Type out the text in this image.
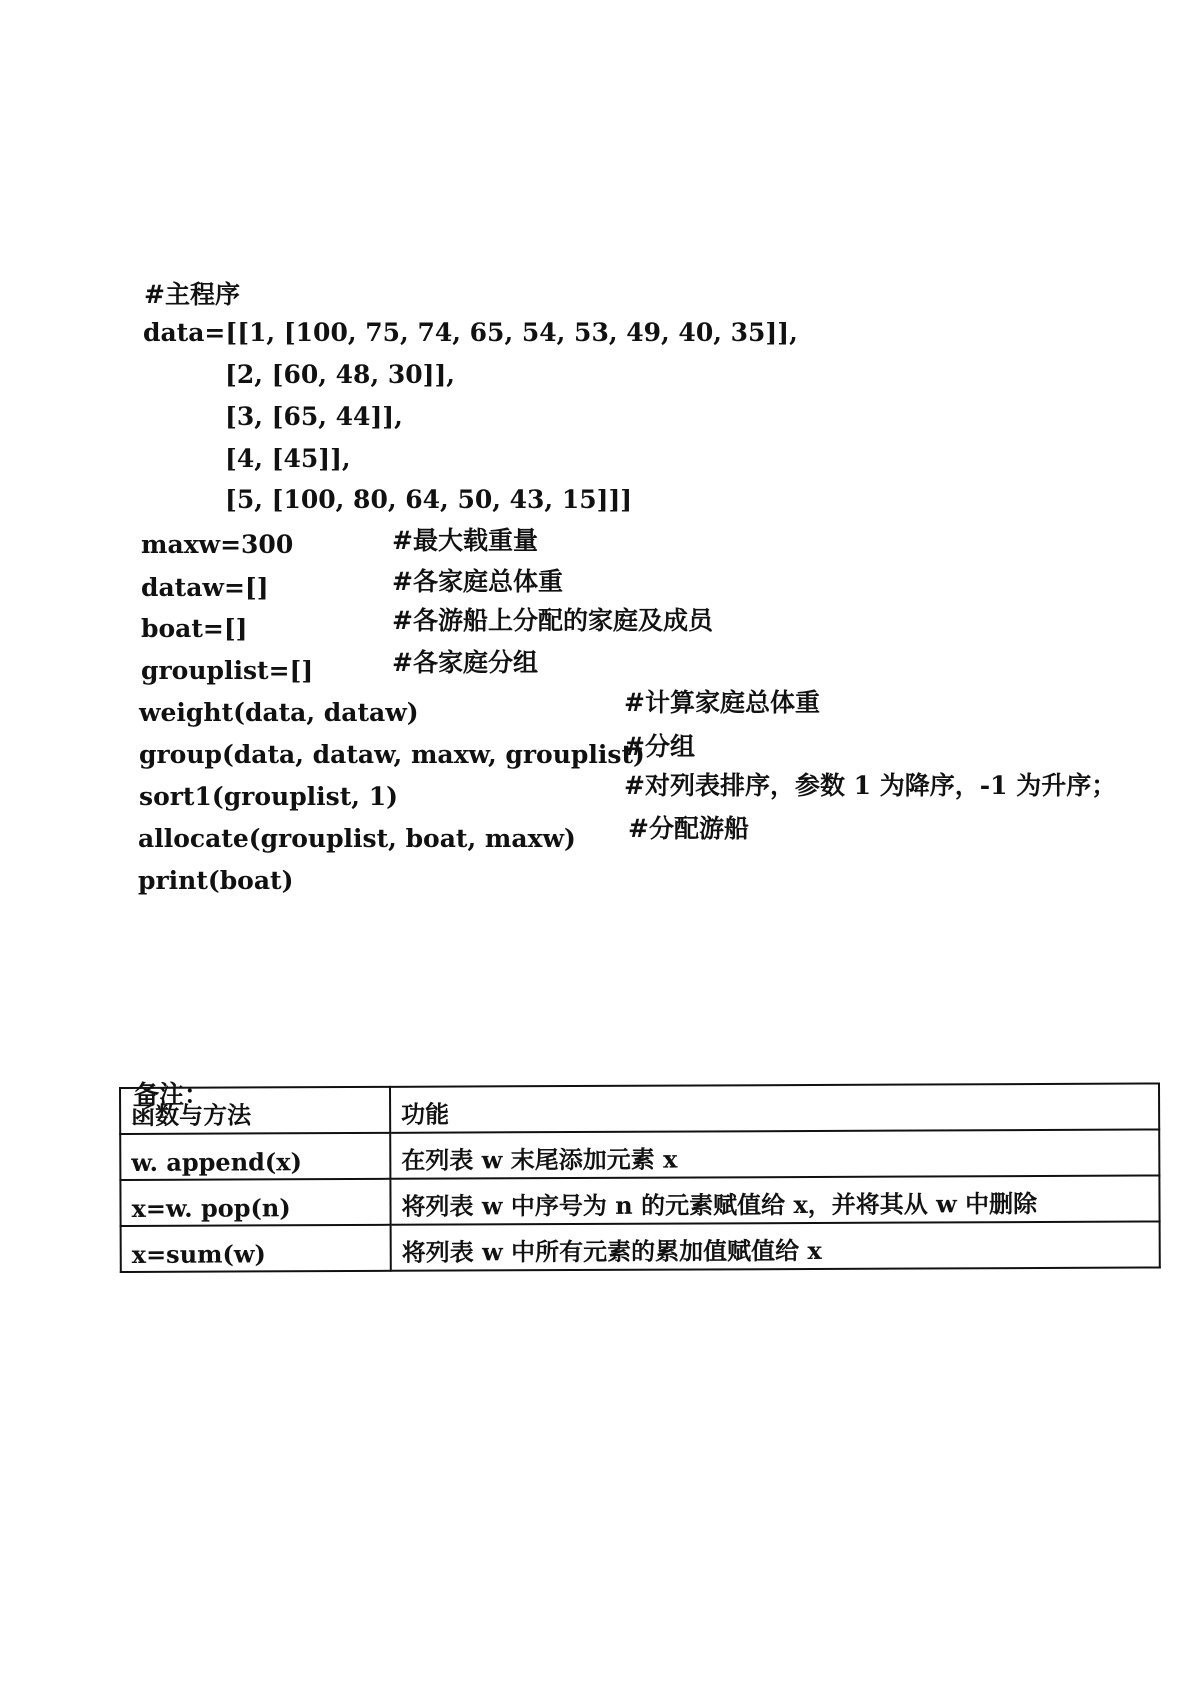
#主程序
data=[[1, [100, 75, 74, 65, 54, 53, 49, 40, 35]],
[2, [60, 48, 30]],
[3, [65, 44]],
[4, [45]],
[5, [100, 80, 64, 50, 43, 15]]]
maxw=300	#最大载重量
dataw=[]	#各家庭总体重
boat=[]	#各游船上分配的家庭及成员
grouplist=[]	#各家庭分组
weight(data, dataw)	#计算家庭总体重
group(data, dataw, maxw, grouplist)
#分组
sort1(grouplist, 1)	#对列表排序，参数 1 为降序，-1 为升序；
allocate(grouplist, boat, maxw) #分配游船
print(boat)
备注：
函数与方法	功能
w. append(x)	在列表 w 末尾添加元素 x
x=w. pop(n)	将列表 w 中序号为 n 的元素赋值给 x，并将其从 w 中删除
x=sum(w)	将列表 w 中所有元素的累加值赋值给 x
